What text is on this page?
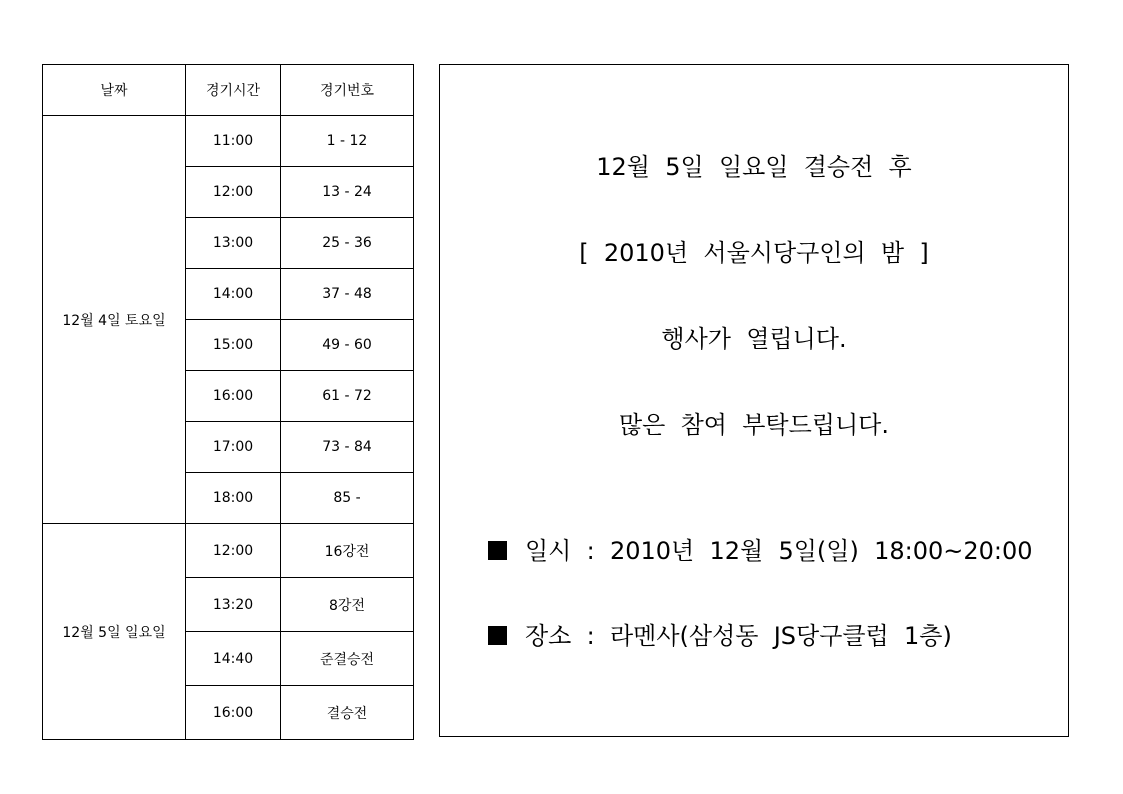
날짜	경기시간	경기번호
12월 4일 토요일	11:00	1 - 12
	12:00	13 - 24
	13:00	25 - 36
	14:00	37 - 48
	15:00	49 - 60
	16:00	61 - 72
	17:00	73 - 84
	18:00	85 -
12월 5일 일요일	12:00	16강전
	13:20	8강전
	14:40	준결승전
	16:00	결승전
12월  5일  일요일  결승전  후
[  2010년  서울시당구인의  밤  ]
행사가  열립니다.
많은  참여  부탁드립니다.
일시  :  2010년  12월  5일(일)  18:00~20:00
장소  :  라멘사(삼성동  JS당구클럽  1층)
